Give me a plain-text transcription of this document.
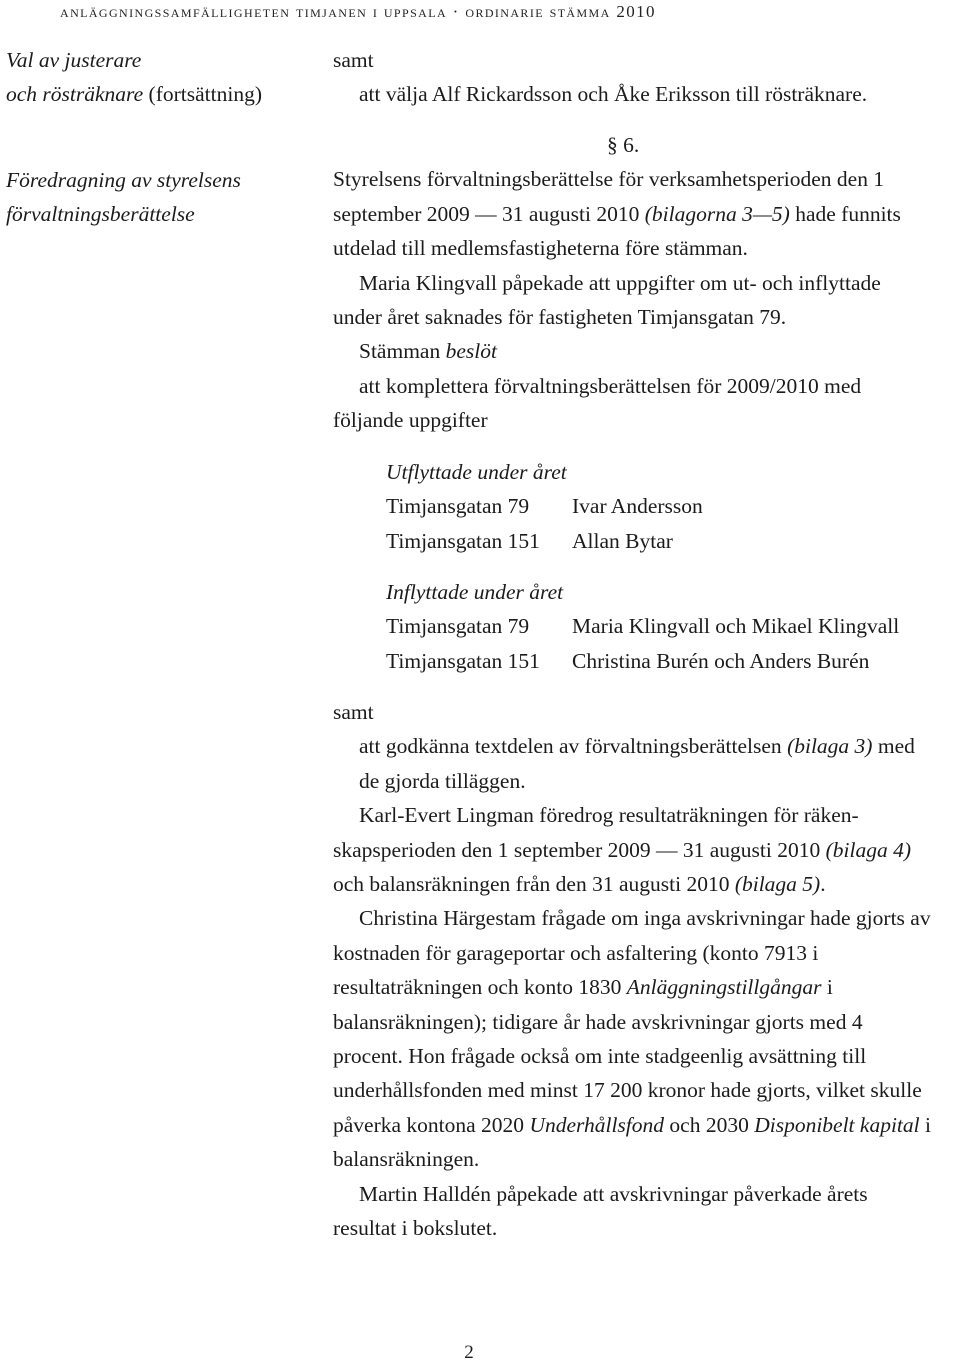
anläggningssamfälligheten timjanen i uppsala · ordinarie stämma 2010
Val av justerare
och rösträknare (fortsättning)
Föredragning av styrelsens
förvaltningsberättelse

samt

att välja Alf Rickardsson och Åke Eriksson till rösträknare.

§ 6.

Styrelsens förvaltningsberättelse för verksamhetsperioden den 1 september 2009 — 31 augusti 2010 (bilagorna 3—5) hade funnits utdelad till medlemsfastigheterna före stämman.

Maria Klingvall påpekade att uppgifter om ut- och inflyttade under året saknades för fastigheten Timjansgatan 79.

Stämman beslöt

att komplettera förvaltningsberättelsen för 2009/2010 med följande uppgifter

Utflyttade under året
Timjansgatan 79	Ivar Andersson
Timjansgatan 151	Allan Bytar
Inflyttade under året
Timjansgatan 79	Maria Klingvall och Mikael Klingvall
Timjansgatan 151	Christina Burén och Anders Burén

samt

att godkänna textdelen av förvaltningsberättelsen (bilaga 3) med de gjorda tilläggen.

Karl-Evert Lingman föredrog resultaträkningen för räkenskapsperioden den 1 september 2009 — 31 augusti 2010 (bilaga 4) och balansräkningen från den 31 augusti 2010 (bilaga 5).

Christina Härgestam frågade om inga avskrivningar hade gjorts av kostnaden för garageportar och asfaltering (konto 7913 i resultaträkningen och konto 1830 Anläggningstillgångar i balansräkningen); tidigare år hade avskrivningar gjorts med 4 procent. Hon frågade också om inte stadgeenlig avsättning till underhållsfonden med minst 17 200 kronor hade gjorts, vilket skulle påverka kontona 2020 Underhållsfond och 2030 Disponibelt kapital i balansräkningen.

Martin Halldén påpekade att avskrivningar påverkade årets resultat i bokslutet.

2
